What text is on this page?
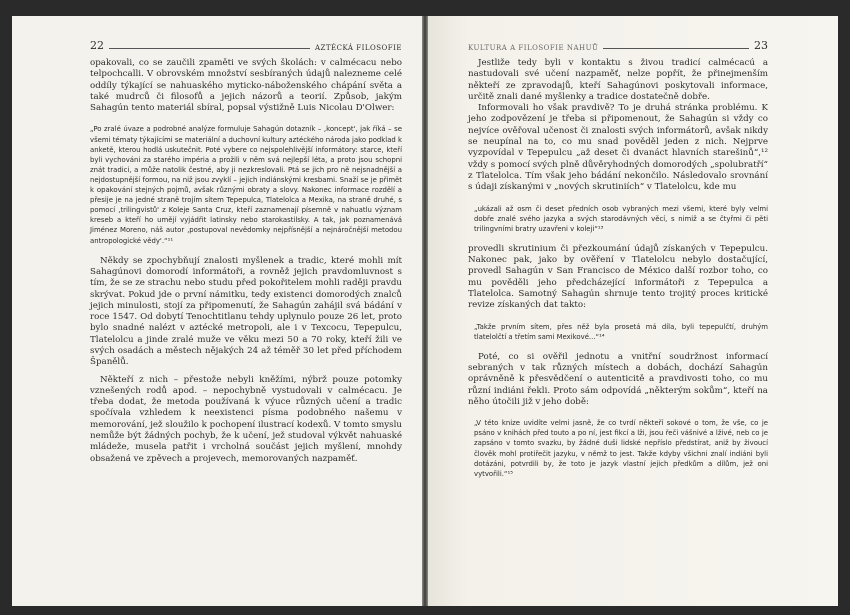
22	AZTÉCKÁ FILOSOFIE

opakovali, co se zaučili zpaměti ve svých školách: v calmécacu nebo telpochcalli. V obrovském množství sesbíraných údajů nalezneme celé oddíly týkající se nahuaského myticko-náboženského chápání světa a také mudrců či filosofů a jejich názorů a teorií. Způsob, jakým Sahagún tento materiál sbíral, popsal výstižně Luis Nicolau D'Olwer:

„Po zralé úvaze a podrobné analýze formuluje Sahagún dotazník – ‚koncept', jak říká – se všemi tématy týkajícími se materiální a duchovní kultury aztéckého národa jako podklad k anketě, kterou hodlá uskutečnit. Poté vybere co nejspolehlivější informátory: starce, kteří byli vychováni za starého impéria a prožili v něm svá nejlepší léta, a proto jsou schopni znát tradici, a může natolik čestné, aby ji nezkreslovali. Ptá se jich pro ně nejsnadnější a nejdostupnější formou, na niž jsou zvyklí – jejich indiánskými kresbami. Snaží se je přimět k opakování stejných pojmů, avšak různými obraty a slovy. Nakonec informace rozdělí a přesije je na jedné straně trojím sítem Tepepulca, Tlatelolca a Mexika, na straně druhé, s pomocí ‚trilingvistů' z Koleje Santa Cruz, kteří zaznamenají písemně v nahuatlu význam kreseb a kteří ho umějí vyjádřit latinsky nebo starokastilsky. A tak, jak poznamenává Jiménez Moreno, náš autor ‚postupoval nevědomky nejpřísnější a nejnáročnější metodou antropologické vědy'.“¹¹

Někdy se zpochybňují znalosti myšlenek a tradic, které mohli mít Sahagúnovi domorodí informátoři, a rovněž jejich pravdomluvnost s tím, že se ze strachu nebo studu před pokořitelem mohli raději pravdu skrývat. Pokud jde o první námitku, tedy existenci domorodých znalců jejich minulosti, stojí za připomenutí, že Sahagún zahájil svá bádání v roce 1547. Od dobytí Tenochtitlanu tehdy uplynulo pouze 26 let, proto bylo snadné nalézt v aztécké metropoli, ale i v Texcocu, Tepepulcu, Tlatelolcu a jinde zralé muže ve věku mezi 50 a 70 roky, kteří žili ve svých osadách a městech nějakých 24 až téměř 30 let před příchodem Španělů.

Někteří z nich – přestože nebyli kněžími, nýbrž pouze potomky vznešených rodů apod. – nepochybně vystudovali v calmécacu. Je třeba dodat, že metoda používaná k výuce různých učení a tradic spočívala vzhledem k neexistenci písma podobného našemu v memorování, jež sloužilo k pochopení ilustrací kodexů. V tomto smyslu nemůže být žádných pochyb, že k učení, jež studoval výkvět nahuaské mládeže, musela patřit i vrcholná součást jejich myšlení, mnohdy obsažená ve zpěvech a projevech, memorovaných nazpaměť.

KULTURA A FILOSOFIE NAHUŮ	23

Jestliže tedy byli v kontaktu s živou tradicí calmécacú a nastudovali své učení nazpaměť, nelze popřít, že přinejmenším někteří ze zpravodajů, kteří Sahagúnovi poskytovali informace, určitě znali dané myšlenky a tradice dostatečně dobře.

Informovali ho však pravdivě? To je druhá stránka problému. K jeho zodpovězení je třeba si připomenout, že Sahagún si vždy co nejvíce ověřoval učenost či znalosti svých informátorů, avšak nikdy se neupínal na to, co mu snad pověděl jeden z nich. Nejprve vyzpovídal v Tepepulcu „až deset či dvanáct hlavních starešinů“,¹² vždy s pomocí svých plně důvěryhodných domorodých „spolubratří“ z Tlatelolca. Tím však jeho bádání nekončilo. Následovalo srovnání s údaji získanými v „nových skrutiniích“ v Tlatelolcu, kde mu

„ukázali až osm či deset předních osob vybraných mezi všemi, které byly velmi dobře znalé svého jazyka a svých starodávných věcí, s nimiž a se čtyřmi či pěti trilingvními bratry uzavřeni v koleji“¹³

provedli skrutinium či přezkoumání údajů získaných v Tepepulcu. Nakonec pak, jako by ověření v Tlatelolcu nebylo dostačující, provedl Sahagún v San Francisco de México další rozbor toho, co mu pověděli jeho předcházející informátoři z Tepepulca a Tlatelolca. Samotný Sahagún shrnuje tento trojitý proces kritické revize získaných dat takto:

„Takže prvním sítem, přes něž byla prosetá má díla, byli tepepulčtí, druhým tlatelolčtí a třetím sami Mexikové...“¹⁴

Poté, co si ověřil jednotu a vnitřní soudržnost informací sebraných v tak různých místech a dobách, dochází Sahagún oprávněně k přesvědčení o autenticitě a pravdivosti toho, co mu různí indiáni řekli. Proto sám odpovídá „některým sokům“, kteří na něho útočili již v jeho době:

„V této knize uvidíte velmi jasně, že co tvrdí někteří sokové o tom, že vše, co je psáno v knihách před touto a po ní, jest fikcí a lži, jsou řeči vášnivé a lživé, neb co je zapsáno v tomto svazku, by žádné duši lidské nepříslo předstírat, aniž by živoucí člověk mohl protiřečit jazyku, v němž to jest. Takže kdyby všichni znalí indiáni byli dotázáni, potvrdili by, že toto je jazyk vlastní jejich předkům a dílům, jež oni vytvořili.“¹⁵
